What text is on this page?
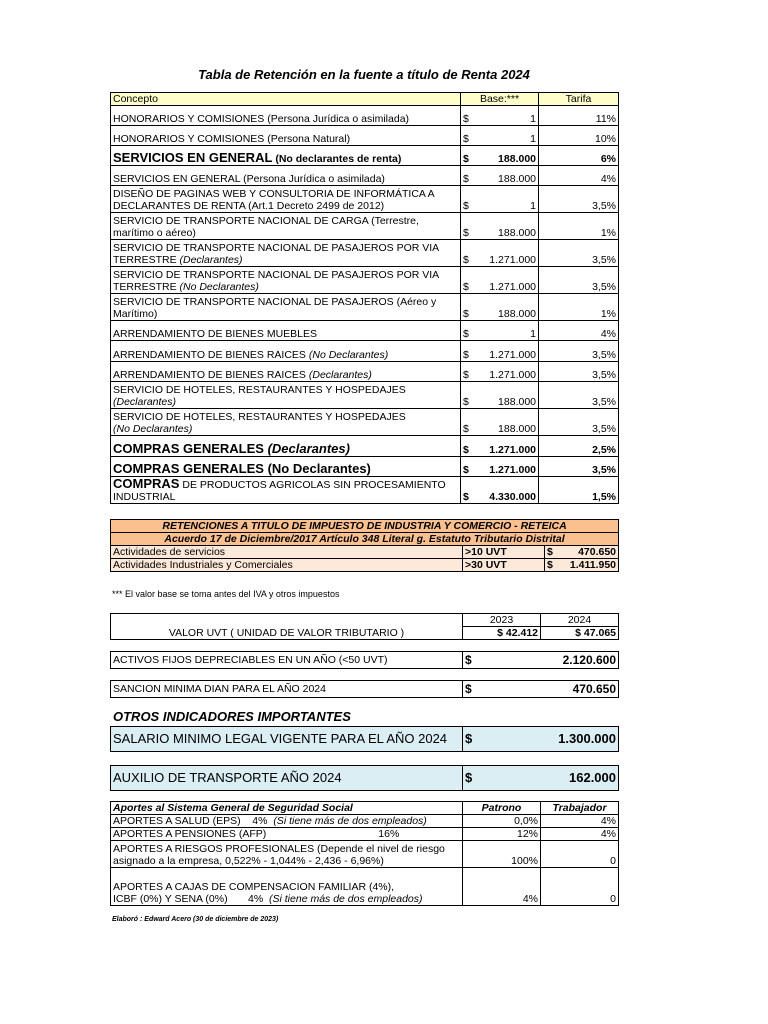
Tabla de Retención en la fuente a título de Renta 2024
Concepto	Base:***		Tarifa
HONORARIOS Y COMISIONES (Persona Jurídica o asimilada)	$	1	11%
HONORARIOS Y COMISIONES (Persona Natural)	$	1	10%
SERVICIOS EN GENERAL (No declarantes de renta)	$	188.000	6%
SERVICIOS EN GENERAL (Persona Jurídica o asimilada)	$	188.000	4%
DISEÑO DE PAGINAS WEB Y CONSULTORIA DE INFORMÁTICA A DECLARANTES DE RENTA (Art.1 Decreto 2499 de 2012)	$	1	3,5%
SERVICIO DE TRANSPORTE NACIONAL DE CARGA (Terrestre, marítimo o aéreo)	$	188.000	1%
SERVICIO DE TRANSPORTE NACIONAL DE PASAJEROS POR VIA TERRESTRE (Declarantes)	$	1.271.000	3,5%
SERVICIO DE TRANSPORTE NACIONAL DE PASAJEROS POR VIA TERRESTRE (No Declarantes)	$	1.271.000	3,5%
SERVICIO DE TRANSPORTE NACIONAL DE PASAJEROS (Aéreo y Marítimo)	$	188.000	1%
ARRENDAMIENTO DE BIENES MUEBLES	$	1	4%
ARRENDAMIENTO DE BIENES RAICES (No Declarantes)	$	1.271.000	3,5%
ARRENDAMIENTO DE BIENES RAICES (Declarantes)	$	1.271.000	3,5%
SERVICIO DE HOTELES, RESTAURANTES Y HOSPEDAJES
(Declarantes)	$	188.000	3,5%
SERVICIO DE HOTELES, RESTAURANTES Y HOSPEDAJES
(No Declarantes)	$	188.000	3,5%
COMPRAS GENERALES (Declarantes)	$	1.271.000	2,5%
COMPRAS GENERALES (No Declarantes)	$	1.271.000	3,5%
COMPRAS DE PRODUCTOS AGRICOLAS SIN PROCESAMIENTO INDUSTRIAL	$	4.330.000	1,5%
RETENCIONES A TITULO DE IMPUESTO DE INDUSTRIA Y COMERCIO - RETEICA			
Acuerdo 17 de Diciembre/2017 Artículo 348 Literal g. Estatuto Tributario Distrital			
Actividades de servicios	>10 UVT	$	470.650
Actividades Industriales y Comerciales	>30 UVT	$	1.411.950
*** El valor base se toma antes del IVA y otros impuestos
VALOR UVT ( UNIDAD DE VALOR TRIBUTARIO )	2023	2024
	$ 42.412	$ 47.065
ACTIVOS FIJOS DEPRECIABLES EN UN AÑO (<50 UVT)	$	2.120.600
SANCION MINIMA DIAN PARA EL AÑO 2024	$	470.650
OTROS INDICADORES IMPORTANTES
SALARIO MINIMO LEGAL VIGENTE PARA EL AÑO 2024	$	1.300.000
AUXILIO DE TRANSPORTE AÑO 2024	$	162.000
Aportes al Sistema General de Seguridad Social	Patrono	Trabajador
APORTES A SALUD (EPS) 4% (Si tiene más de dos empleados)	0,0%	4%
APORTES A PENSIONES (AFP) 16%	12%	4%
APORTES A RIESGOS PROFESIONALES (Depende el nivel de riesgo asignado a la empresa, 0,522% - 1,044% - 2,436 - 6,96%)	100%	0
APORTES A CAJAS DE COMPENSACION FAMILIAR (4%),
ICBF (0%) Y SENA (0%) 4% (Si tiene más de dos empleados)	4%	0
Elaboró : Edward Acero (30 de diciembre de 2023)
